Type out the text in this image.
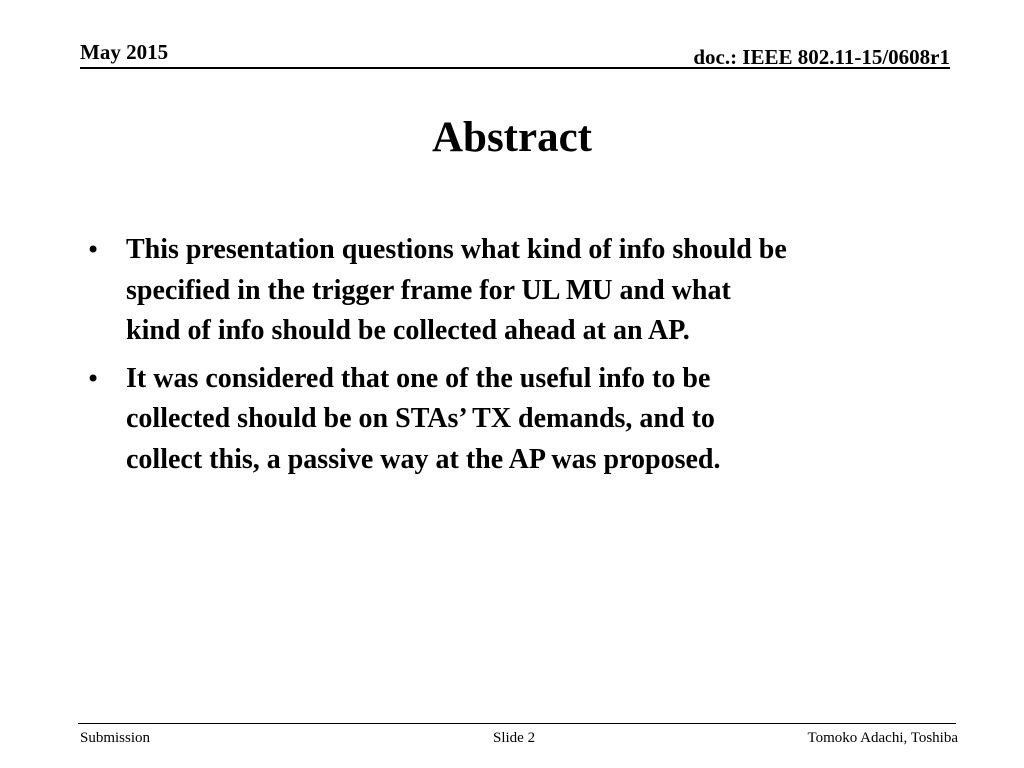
May 2015	doc.: IEEE 802.11-15/0608r1
Abstract
• This presentation questions what kind of info should be
specified in the trigger frame for UL MU and what
kind of info should be collected ahead at an AP.
• It was considered that one of the useful info to be
collected should be on STAs’ TX demands, and to
collect this, a passive way at the AP was proposed.
Submission	Slide 2	Tomoko Adachi, Toshiba
